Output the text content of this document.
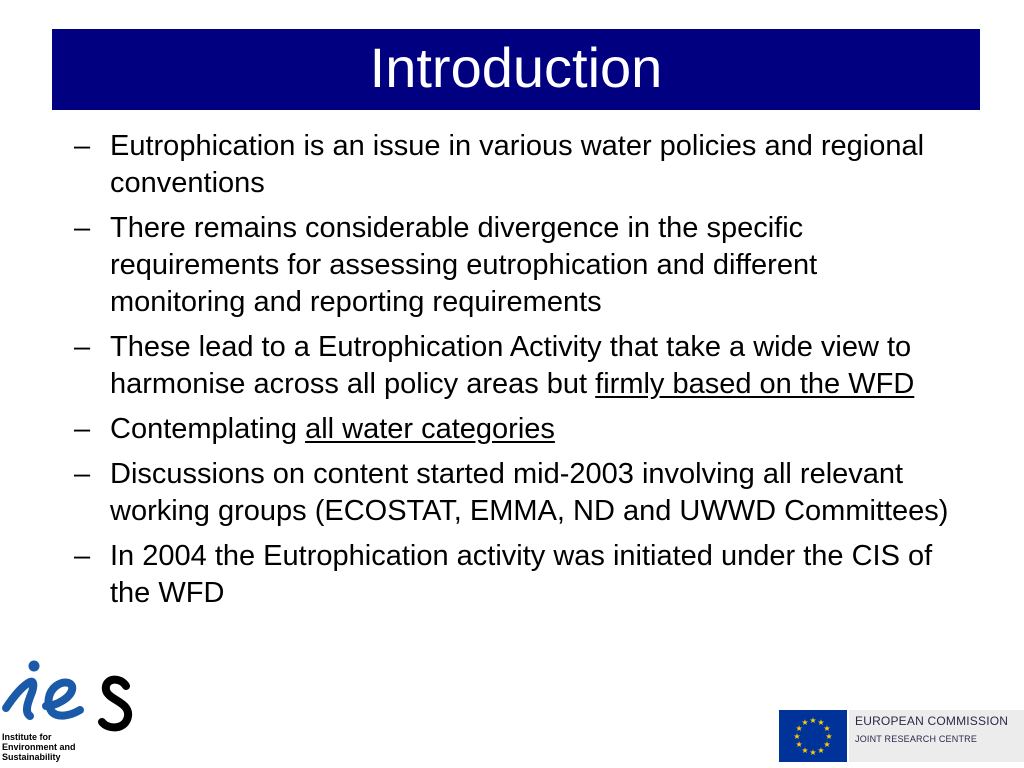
Introduction
– Eutrophication is an issue in various water policies and regional conventions
– There remains considerable divergence in the specific requirements for assessing eutrophication and different monitoring and reporting requirements
– These lead to a Eutrophication Activity that take a wide view to harmonise across all policy areas but firmly based on the WFD
– Contemplating all water categories
– Discussions on content started mid-2003 involving all relevant working groups (ECOSTAT, EMMA, ND and UWWD Committees)
– In 2004 the Eutrophication activity was initiated under the CIS of the WFD
Institute for
Environment and
Sustainability
★ ★
★
★
★
★
★
★
★
★
★
★	EUROPEAN COMMISSION
JOINT RESEARCH CENTRE
